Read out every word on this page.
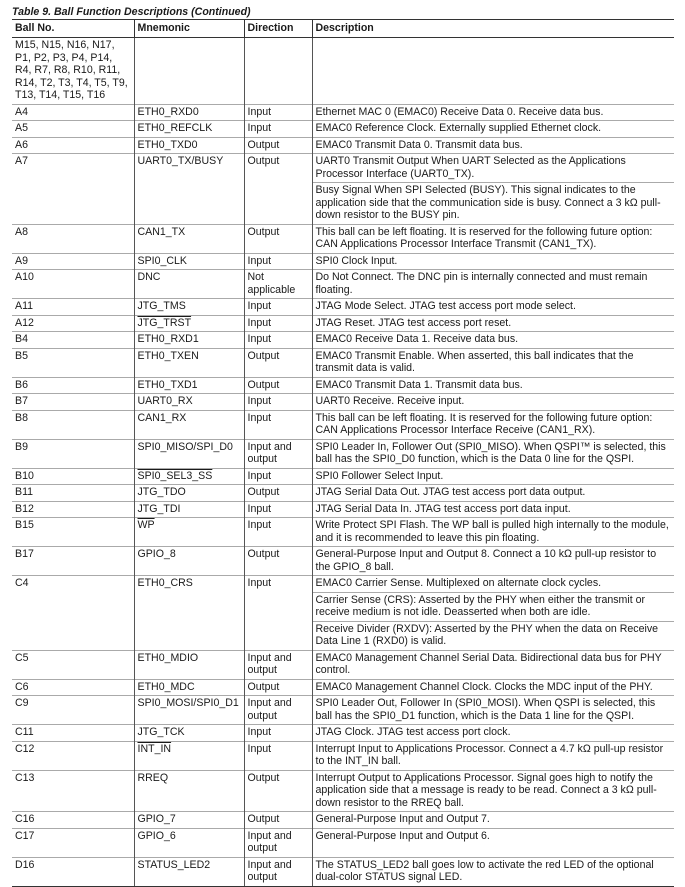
Table 9. Ball Function Descriptions (Continued)
Ball No.	Mnemonic	Direction	Description
M15, N15, N16, N17, P1, P2, P3, P4, P14, R4, R7, R8, R10, R11, R14, T2, T3, T4, T5, T9, T13, T14, T15, T16			

A4	ETH0_RXD0	Input	Ethernet MAC 0 (EMAC0) Receive Data 0. Receive data bus.

A5	ETH0_REFCLK	Input	EMAC0 Reference Clock. Externally supplied Ethernet clock.

A6	ETH0_TXD0	Output	EMAC0 Transmit Data 0. Transmit data bus.

A7	UART0_TX/BUSY	Output	UART0 Transmit Output When UART Selected as the Applications Processor Interface (UART0_TX).
Busy Signal When SPI Selected (BUSY). This signal indicates to the application side that the communication side is busy. Connect a 3 kΩ pull-down resistor to the BUSY pin.

A8	CAN1_TX	Output	This ball can be left floating. It is reserved for the following future option: CAN Applications Processor Interface Transmit (CAN1_TX).

A9	SPI0_CLK	Input	SPI0 Clock Input.

A10	DNC	Not applicable	Do Not Connect. The DNC pin is internally connected and must remain floating.

A11	JTG_TMS	Input	JTAG Mode Select. JTAG test access port mode select.

A12	JTG_TRST	Input	JTAG Reset. JTAG test access port reset.

B4	ETH0_RXD1	Input	EMAC0 Receive Data 1. Receive data bus.

B5	ETH0_TXEN	Output	EMAC0 Transmit Enable. When asserted, this ball indicates that the transmit data is valid.

B6	ETH0_TXD1	Output	EMAC0 Transmit Data 1. Transmit data bus.

B7	UART0_RX	Input	UART0 Receive. Receive input.

B8	CAN1_RX	Input	This ball can be left floating. It is reserved for the following future option: CAN Applications Processor Interface Receive (CAN1_RX).

B9	SPI0_MISO/SPI_D0	Input and output	SPI0 Leader In, Follower Out (SPI0_MISO). When QSPI™ is selected, this ball has the SPI0_D0 function, which is the Data 0 line for the QSPI.

B10	SPI0_SEL3_SS	Input	SPI0 Follower Select Input.

B11	JTG_TDO	Output	JTAG Serial Data Out. JTAG test access port data output.

B12	JTG_TDI	Input	JTAG Serial Data In. JTAG test access port data input.

B15	$\overline{WP}$	Input	Write Protect SPI Flash. The WP ball is pulled high internally to the module, and it is recommended to leave this pin floating.

B17	GPIO_8	Output	General-Purpose Input and Output 8. Connect a 10 kΩ pull-up resistor to the GPIO_8 ball.

C4	ETH0_CRS	Input	EMAC0 Carrier Sense. Multiplexed on alternate clock cycles.
Carrier Sense (CRS): Asserted by the PHY when either the transmit or receive medium is not idle. Deasserted when both are idle.
Receive Divider (RXDV): Asserted by the PHY when the data on Receive Data Line 1 (RXD0) is valid.

C5	ETH0_MDIO	Input and output	EMAC0 Management Channel Serial Data. Bidirectional data bus for PHY control.

C6	ETH0_MDC	Output	EMAC0 Management Channel Clock. Clocks the MDC input of the PHY.

C9	SPI0_MOSI/SPI0_D1	Input and output	SPI0 Leader Out, Follower In (SPI0_MOSI). When QSPI is selected, this ball has the SPI0_D1 function, which is the Data 1 line for the QSPI.

C11	JTG_TCK	Input	JTAG Clock. JTAG test access port clock.

C12	INT_IN	Input	Interrupt Input to Applications Processor. Connect a 4.7 kΩ pull-up resistor to the INT_IN ball.

C13	RREQ	Output	Interrupt Output to Applications Processor. Signal goes high to notify the application side that a message is ready to be read. Connect a 3 kΩ pull-down resistor to the RREQ ball.

C16	GPIO_7	Output	General-Purpose Input and Output 7.

C17	GPIO_6	Input and output	General-Purpose Input and Output 6.

D16	STATUS_LED2	Input and output	The STATUS_LED2 ball goes low to activate the red LED of the optional dual-color STATUS signal LED.
